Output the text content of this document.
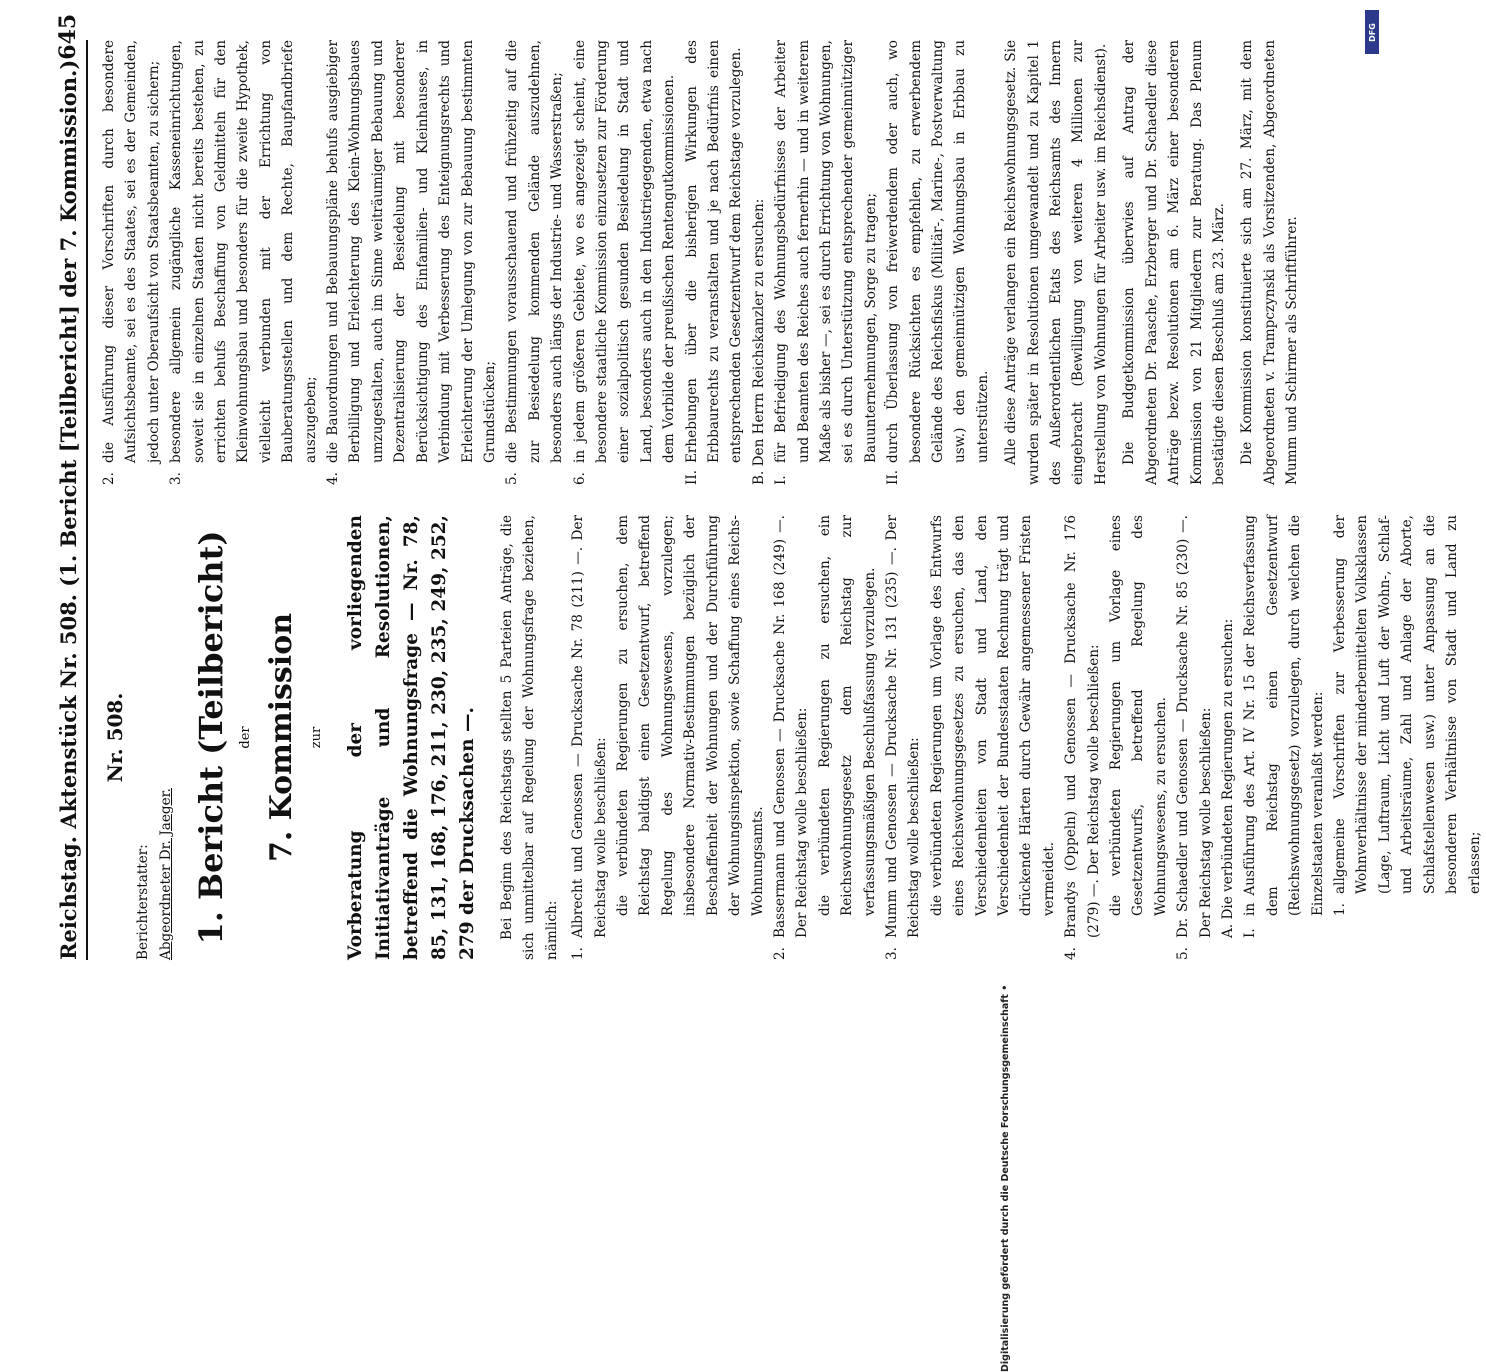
Reichstag. Aktenstück Nr. 508. (1. Bericht [Teilbericht] der 7. Kommission.)
645

Nr. 508.

Berichterstatter: Abgeordneter Dr. Jaeger. 1. Bericht (Teilbericht) der 7. Kommission zur Vorberatung der vorliegenden Initiativanträge und Resolutionen, betreffend die Wohnungsfrage — Nr. 78, 85, 131, 168, 176, 211, 230, 235, 249, 252, 279 der Drucksachen —. Bei Beginn des Reichstags stellten 5 Parteien Anträge, die sich unmittelbar auf Regelung der Wohnungsfrage beziehen, nämlich: 1.

Albrecht und Genossen — Drucksache Nr. 78 (211) —. Der Reichstag wolle beschließen: die verbündeten Regierungen zu ersuchen, dem Reichstag baldigst einen Gesetzentwurf, betreffend Regelung des Wohnungswesens, vorzulegen; insbesondere Normativ-Bestimmungen bezüglich der Beschaffenheit der Wohnungen und der Durchführung der Wohnungsinspektion, sowie Schaffung eines Reichs-Wohnungsamts.

2.

Bassermann und Genossen — Drucksache Nr. 168 (249) —. Der Reichstag wolle beschließen: die verbündeten Regierungen zu ersuchen, ein Reichswohnungsgesetz dem Reichstag zur verfassungsmäßigen Beschlußfassung vorzulegen.

3.

Mumm und Genossen — Drucksache Nr. 131 (235) —. Der Reichstag wolle beschließen: die verbündeten Regierungen um Vorlage des Entwurfs eines Reichswohnungsgesetzes zu ersuchen, das den Verschiedenheiten von Stadt und Land, den Verschiedenheit der Bundesstaaten Rechnung trägt und drückende Härten durch Gewähr angemessener Fristen vermeidet.

4.

Brandys (Oppeln) und Genossen — Drucksache Nr. 176 (279) —. Der Reichstag wolle beschließen: die verbündeten Regierungen um Vorlage eines Gesetzentwurfs, betreffend Regelung des Wohnungswesens, zu ersuchen.

5.

Dr. Schaedler und Genossen — Drucksache Nr. 85 (230) —. Der Reichstag wolle beschließen: A. Die verbündeten Regierungen zu ersuchen: I.

in Ausführung des Art. IV Nr. 15 der Reichsverfassung dem Reichstag einen Gesetzentwurf (Reichswohnungsgesetz) vorzulegen, durch welchen die Einzelstaaten veranlaßt werden: 1.

allgemeine Vorschriften zur Verbesserung der Wohnverhältnisse der minderbemittelten Volksklassen (Lage, Luftraum, Licht und Luft der Wohn-, Schlaf- und Arbeitsräume, Zahl und Anlage der Aborte, Schlafstellenwesen usw.) unter Anpassung an die besonderen Verhältnisse von Stadt und Land zu erlassen;

2.

die Ausführung dieser Vorschriften durch besondere Aufsichtsbeamte, sei es des Staates, sei es der Gemeinden, jedoch unter Oberaufsicht von Staatsbeamten, zu sichern;

3.

besondere allgemein zugängliche Kasseneinrichtungen, soweit sie in einzelnen Staaten nicht bereits bestehen, zu errichten behufs Beschaffung von Geldmitteln für den Kleinwohnungsbau und besonders für die zweite Hypothek, vielleicht verbunden mit der Errichtung von Bauberatungsstellen und dem Rechte, Baupfandbriefe auszugeben;

4.

die Bauordnungen und Bebauungspläne behufs ausgiebiger Berbilligung und Erleichterung des Klein-Wohnungsbaues umzugestalten, auch im Sinne weiträumiger Bebauung und Dezentralisierung der Besiedelung mit besonderer Berücksichtigung des Einfamilien- und Kleinhauses, in Verbindung mit Verbesserung des Enteignungsrechts und Erleichterung der Umlegung von zur Bebauung bestimmten Grundstücken;

5.

die Bestimmungen vorausschauend und frühzeitig auf die zur Besiedelung kommenden Gelände auszudehnen, besonders auch längs der Industrie- und Wasserstraßen;

6.

in jedem größeren Gebiete, wo es angezeigt scheint, eine besondere staatliche Kommission einzusetzen zur Förderung einer sozialpolitisch gesunden Besiedelung in Stadt und Land, besonders auch in den Industriegegenden, etwa nach dem Vorbilde der preußischen Rentengutkommissionen.

II.

Erhebungen über die bisherigen Wirkungen des Erbbaurechts zu veranstalten und je nach Bedürfnis einen entsprechenden Gesetzentwurf dem Reichstage vorzulegen. B. Den Herrn Reichskanzler zu ersuchen: I.

für Befriedigung des Wohnungsbedürfnisses der Arbeiter und Beamten des Reiches auch fernerhin — und in weiterem Maße als bisher —, sei es durch Errichtung von Wohnungen, sei es durch Unterstützung entsprechender gemeinnütziger Bauunternehmungen, Sorge zu tragen;

II.

durch Überlassung von freiwerdendem oder auch, wo besondere Rücksichten es empfehlen, zu erwerbendem Gelände des Reichsfiskus (Militär-, Marine-, Postverwaltung usw.) den gemeinnützigen Wohnungsbau in Erbbau zu unterstützen. Alle diese Anträge verlangen ein Reichswohnungsgesetz. Sie wurden später in Resolutionen umgewandelt und zu Kapitel 1 des Außerordentlichen Etats des Reichsamts des Innern eingebracht (Bewilligung von weiteren 4 Millionen zur Herstellung von Wohnungen für Arbeiter usw. im Reichsdienst). Die Budgetkommission überwies auf Antrag der Abgeordneten Dr. Paasche, Erzberger und Dr. Schaedler diese Anträge bezw. Resolutionen am 6. März einer besonderen Kommission von 21 Mitgliedern zur Beratung. Das Plenum bestätigte diesen Beschluß am 23. März. Die Kommission konstituierte sich am 27. März, mit dem Abgeordneten v. Trampczynski als Vorsitzenden, Abgeordneten Mumm und Schirmer als Schriftführer.

Digitalisierung gefördert durch die Deutsche Forschungsgemeinschaft •
DFG
